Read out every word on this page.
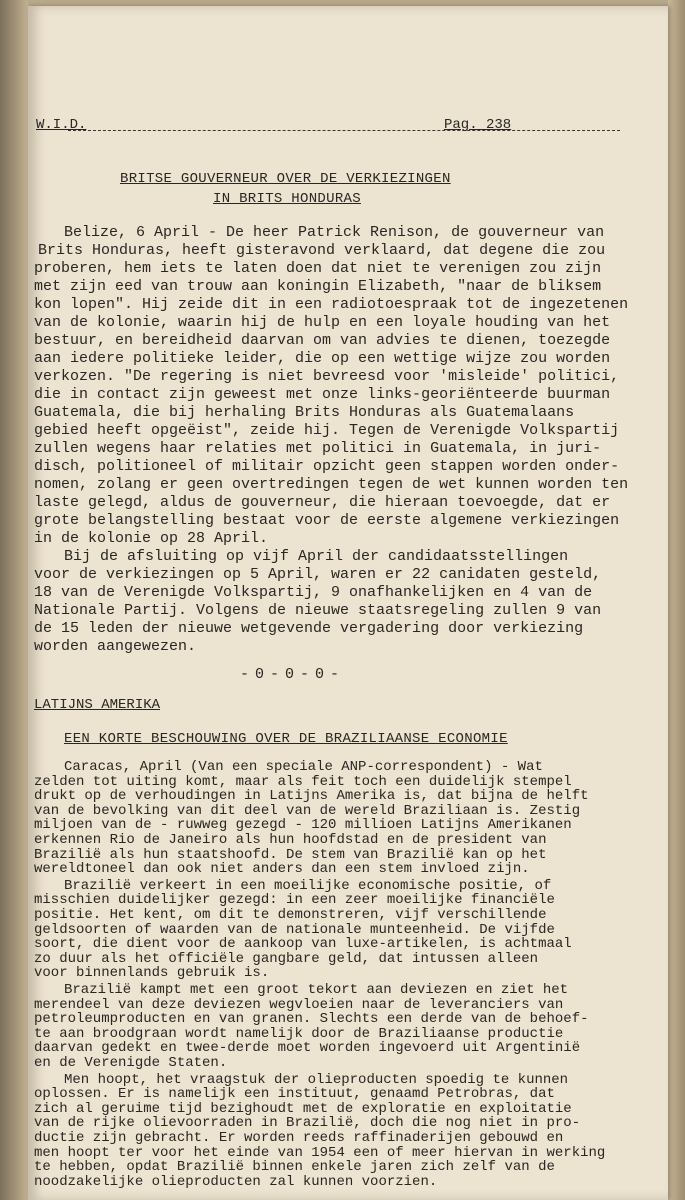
W.I.D.	Pag. 238
BRITSE GOUVERNEUR OVER DE VERKIEZINGEN
IN BRITS HONDURAS
Belize, 6 April - De heer Patrick Renison, de gouverneur van
Brits Honduras, heeft gisteravond verklaard, dat degene die zou
proberen, hem iets te laten doen dat niet te verenigen zou zijn
met zijn eed van trouw aan koningin Elizabeth, "naar de bliksem
kon lopen". Hij zeide dit in een radiotoespraak tot de ingezetenen
van de kolonie, waarin hij de hulp en een loyale houding van het
bestuur, en bereidheid daarvan om van advies te dienen, toezegde
aan iedere politieke leider, die op een wettige wijze zou worden
verkozen. "De regering is niet bevreesd voor 'misleide' politici,
die in contact zijn geweest met onze links-georiënteerde buurman
Guatemala, die bij herhaling Brits Honduras als Guatemalaans
gebied heeft opgeëist", zeide hij. Tegen de Verenigde Volkspartij
zullen wegens haar relaties met politici in Guatemala, in juri-
disch, politioneel of militair opzicht geen stappen worden onder-
nomen, zolang er geen overtredingen tegen de wet kunnen worden ten
laste gelegd, aldus de gouverneur, die hieraan toevoegde, dat er
grote belangstelling bestaat voor de eerste algemene verkiezingen
in de kolonie op 28 April.
Bij de afsluiting op vijf April der candidaatsstellingen
voor de verkiezingen op 5 April, waren er 22 canidaten gesteld,
18 van de Verenigde Volkspartij, 9 onafhankelijken en 4 van de
Nationale Partij. Volgens de nieuwe staatsregeling zullen 9 van
de 15 leden der nieuwe wetgevende vergadering door verkiezing
worden aangewezen.
-0-0-0-
LATIJNS AMERIKA
EEN KORTE BESCHOUWING OVER DE BRAZILIAANSE ECONOMIE
Caracas, April (Van een speciale ANP-correspondent) - Wat
zelden tot uiting komt, maar als feit toch een duidelijk stempel
drukt op de verhoudingen in Latijns Amerika is, dat bijna de helft
van de bevolking van dit deel van de wereld Braziliaan is. Zestig
miljoen van de - ruwweg gezegd - 120 millioen Latijns Amerikanen
erkennen Rio de Janeiro als hun hoofdstad en de president van
Brazilië als hun staatshoofd. De stem van Brazilië kan op het
wereldtoneel dan ook niet anders dan een stem invloed zijn.
Brazilië verkeert in een moeilijke economische positie, of
misschien duidelijker gezegd: in een zeer moeilijke financiële
positie. Het kent, om dit te demonstreren, vijf verschillende
geldsoorten of waarden van de nationale munteenheid. De vijfde
soort, die dient voor de aankoop van luxe-artikelen, is achtmaal
zo duur als het officiële gangbare geld, dat intussen alleen
voor binnenlands gebruik is.
Brazilië kampt met een groot tekort aan deviezen en ziet het
merendeel van deze deviezen wegvloeien naar de leveranciers van
petroleumproducten en van granen. Slechts een derde van de behoef-
te aan broodgraan wordt namelijk door de Braziliaanse productie
daarvan gedekt en twee-derde moet worden ingevoerd uit Argentinië
en de Verenigde Staten.
Men hoopt, het vraagstuk der olieproducten spoedig te kunnen
oplossen. Er is namelijk een instituut, genaamd Petrobras, dat
zich al geruime tijd bezighoudt met de exploratie en exploitatie
van de rijke olievoorraden in Brazilië, doch die nog niet in pro-
ductie zijn gebracht. Er worden reeds raffinaderijen gebouwd en
men hoopt ter voor het einde van 1954 een of meer hiervan in werking
te hebben, opdat Brazilië binnen enkele jaren zich zelf van de
noodzakelijke olieproducten zal kunnen voorzien.
